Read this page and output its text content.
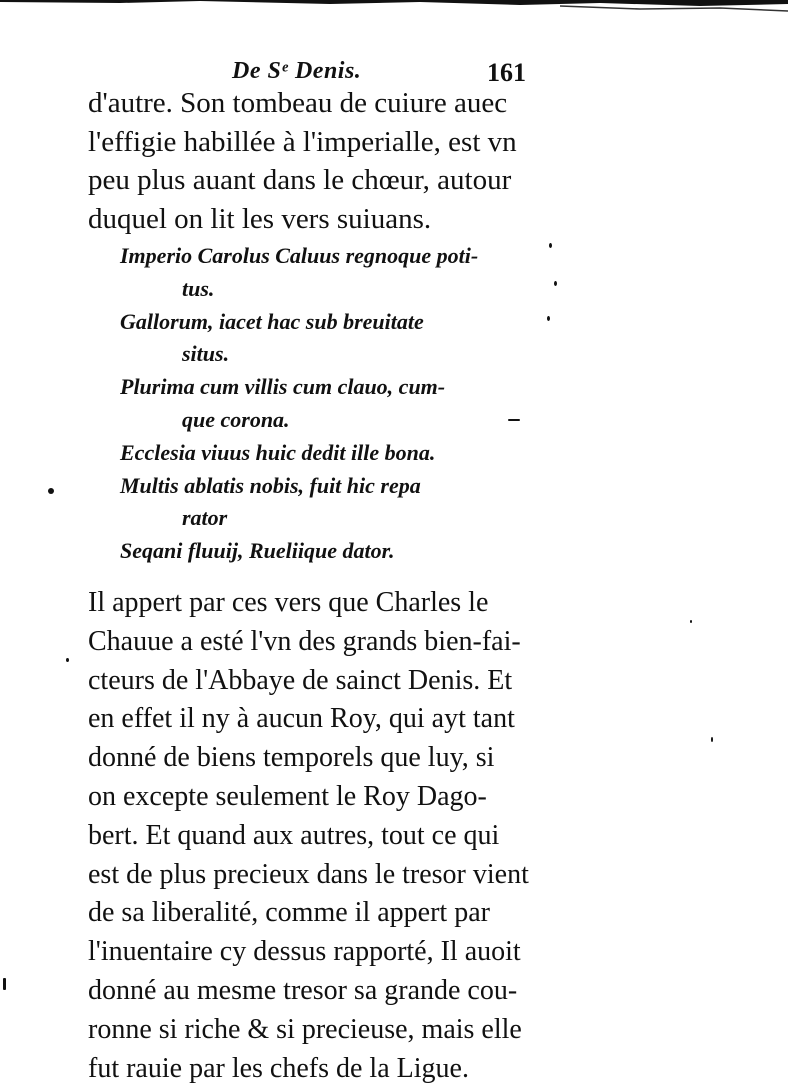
De Sᵉ Denis.	161
d'autre. Son tombeau de cuiure auec
l'effigie habillée à l'imperialle, est vn
peu plus auant dans le chœur, autour
duquel on lit les vers suiuans.
Imperio Carolus Caluus regnoque poti-
tus.
Gallorum, iacet hac sub breuitate
situs.
Plurima cum villis cum clauo, cum-
que corona.
Ecclesia viuus huic dedit ille bona.
Multis ablatis nobis, fuit hic repa
rator
Seqani fluuij, Rueliique dator.
Il appert par ces vers que Charles le
Chauue a esté l'vn des grands bien-fai-
cteurs de l'Abbaye de sainct Denis. Et
en effet il ny à aucun Roy, qui ayt tant
donné de biens temporels que luy, si
on excepte seulement le Roy Dago-
bert. Et quand aux autres, tout ce qui
est de plus precieux dans le tresor vient
de sa liberalité, comme il appert par
l'inuentaire cy dessus rapporté, Il auoit
donné au mesme tresor sa grande cou-
ronne si riche & si precieuse, mais elle
fut rauie par les chefs de la Ligue.
